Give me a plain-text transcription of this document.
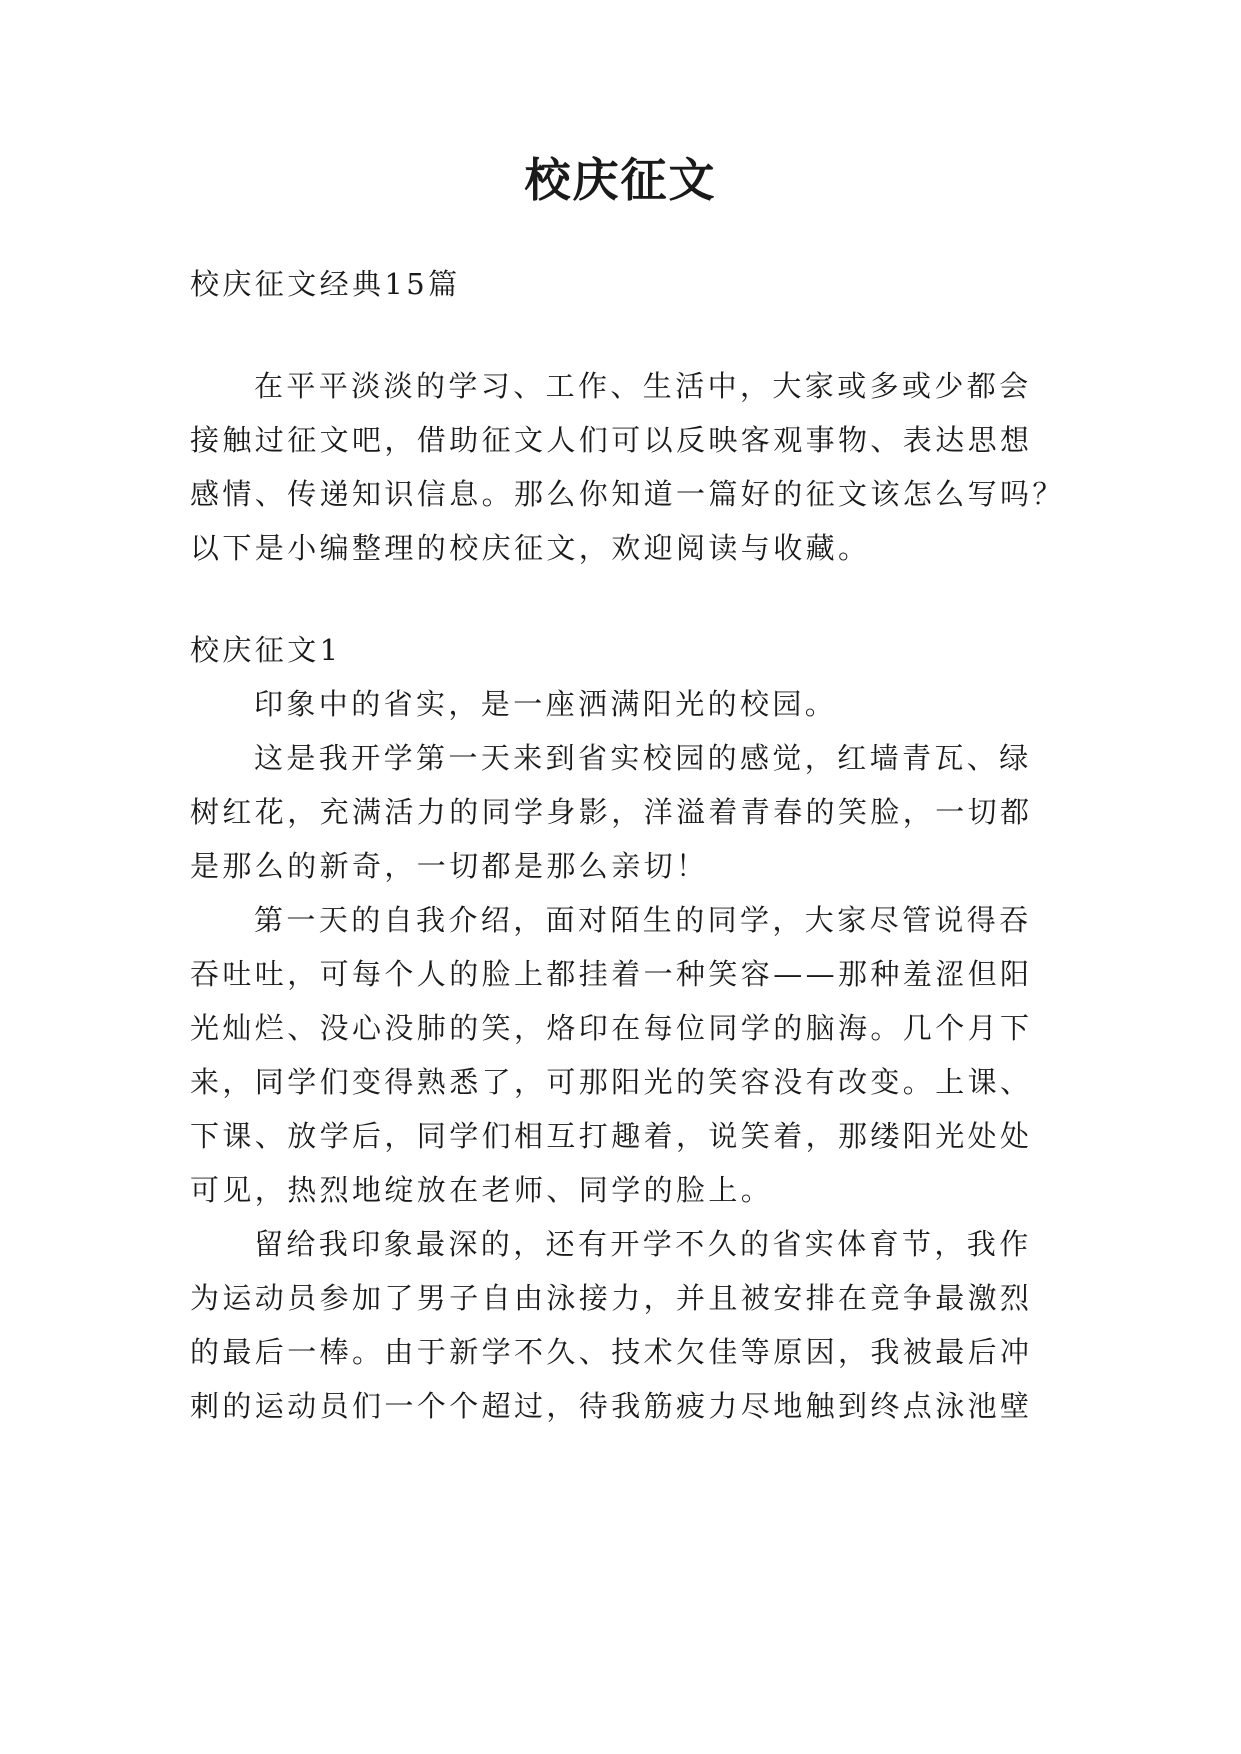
校庆征文
校庆征文经典15篇
在平平淡淡的学习、工作、生活中，大家或多或少都会
接触过征文吧，借助征文人们可以反映客观事物、表达思想
感情、传递知识信息。那么你知道一篇好的征文该怎么写吗？
以下是小编整理的校庆征文，欢迎阅读与收藏。
校庆征文1
印象中的省实，是一座洒满阳光的校园。
这是我开学第一天来到省实校园的感觉，红墙青瓦、绿
树红花，充满活力的同学身影，洋溢着青春的笑脸，一切都
是那么的新奇，一切都是那么亲切！
第一天的自我介绍，面对陌生的同学，大家尽管说得吞
吞吐吐，可每个人的脸上都挂着一种笑容——那种羞涩但阳
光灿烂、没心没肺的笑，烙印在每位同学的脑海。几个月下
来，同学们变得熟悉了，可那阳光的笑容没有改变。上课、
下课、放学后，同学们相互打趣着，说笑着，那缕阳光处处
可见，热烈地绽放在老师、同学的脸上。
留给我印象最深的，还有开学不久的省实体育节，我作
为运动员参加了男子自由泳接力，并且被安排在竞争最激烈
的最后一棒。由于新学不久、技术欠佳等原因，我被最后冲
刺的运动员们一个个超过，待我筋疲力尽地触到终点泳池壁
